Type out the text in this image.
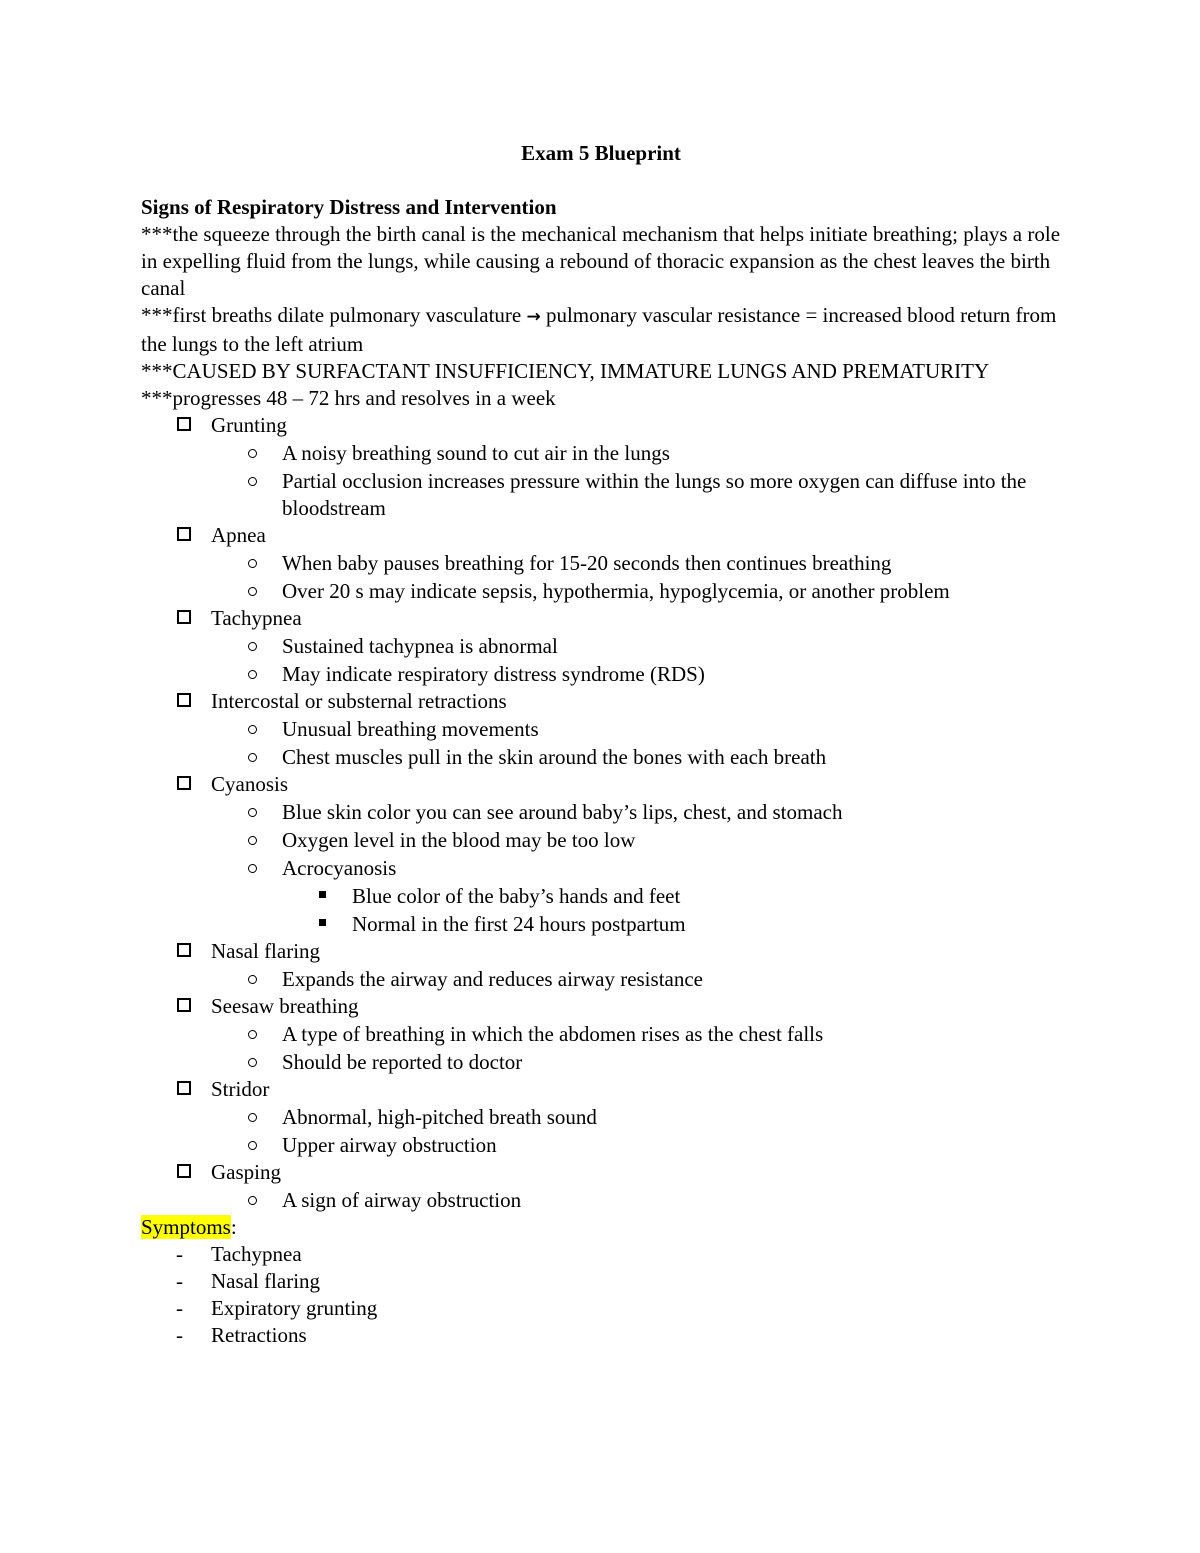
Exam 5 Blueprint
Signs of Respiratory Distress and Intervention

***the squeeze through the birth canal is the mechanical mechanism that helps initiate breathing; plays a role in expelling fluid from the lungs, while causing a rebound of thoracic expansion as the chest leaves the birth canal

***first breaths dilate pulmonary vasculature → pulmonary vascular resistance = increased blood return from the lungs to the left atrium

***CAUSED BY SURFACTANT INSUFFICIENCY, IMMATURE LUNGS AND PREMATURITY

***progresses 48 – 72 hrs and resolves in a week

Grunting
A noisy breathing sound to cut air in the lungs
Partial occlusion increases pressure within the lungs so more oxygen can diffuse into the bloodstream
Apnea
When baby pauses breathing for 15-20 seconds then continues breathing
Over 20 s may indicate sepsis, hypothermia, hypoglycemia, or another problem
Tachypnea
Sustained tachypnea is abnormal
May indicate respiratory distress syndrome (RDS)
Intercostal or substernal retractions
Unusual breathing movements
Chest muscles pull in the skin around the bones with each breath
Cyanosis
Blue skin color you can see around baby’s lips, chest, and stomach
Oxygen level in the blood may be too low
Acrocyanosis
Blue color of the baby’s hands and feet
Normal in the first 24 hours postpartum
Nasal flaring
Expands the airway and reduces airway resistance
Seesaw breathing
A type of breathing in which the abdomen rises as the chest falls
Should be reported to doctor
Stridor
Abnormal, high-pitched breath sound
Upper airway obstruction
Gasping
A sign of airway obstruction

Symptoms:

- Tachypnea
- Nasal flaring
- Expiratory grunting
- Retractions
